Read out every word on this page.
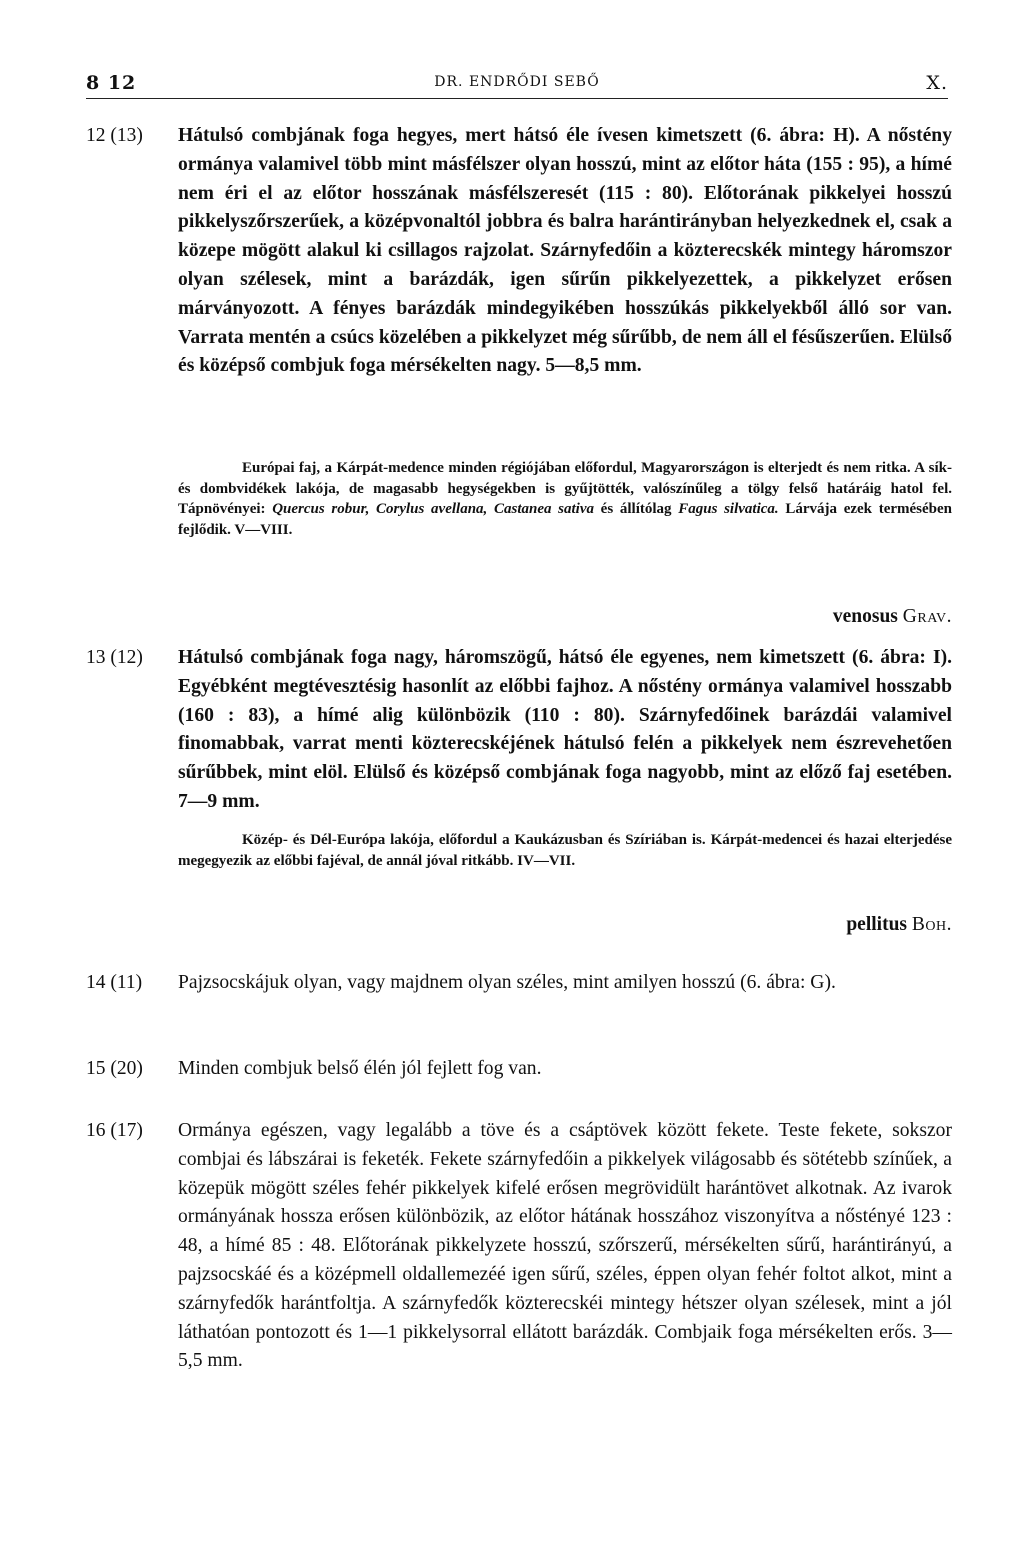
8 12	DR. ENDRŐDI SEBŐ	X.
12 (13)	Hátulsó combjának foga hegyes, mert hátsó éle ívesen kimetszett (6. ábra: H). A nőstény ormánya valamivel több mint másfélszer olyan hosszú, mint az előtor háta (155 : 95), a hímé nem éri el az előtor hosszának másfélszeresét (115 : 80). Előtorának pikkelyei hosszú pikkelyszőrszerűek, a középvonaltól jobbra és balra harántirányban helyezkednek el, csak a közepe mögött alakul ki csillagos rajzolat. Szárnyfedőin a közterecskék mintegy háromszor olyan szélesek, mint a barázdák, igen sűrűn pikkelyezettek, a pikkelyzet erősen márványozott. A fényes barázdák mindegyikében hosszúkás pikkelyekből álló sor van. Varrata mentén a csúcs közelében a pikkelyzet még sűrűbb, de nem áll el fésűszerűen. Elülső és középső combjuk foga mérsékelten nagy. 5—8,5 mm.
Európai faj, a Kárpát-medence minden régiójában előfordul, Magyarországon is elterjedt és nem ritka. A sík- és dombvidékek lakója, de magasabb hegységekben is gyűjtötték, valószínűleg a tölgy felső határáig hatol fel. Tápnövényei: Quercus robur, Corylus avellana, Castanea sativa és állítólag Fagus silvatica. Lárvája ezek termésében fejlődik. V—VIII.
venosus Grav.
13 (12)	Hátulsó combjának foga nagy, háromszögű, hátsó éle egyenes, nem kimetszett (6. ábra: I). Egyébként megtévesztésig hasonlít az előbbi fajhoz. A nőstény ormánya valamivel hosszabb (160 : 83), a hímé alig különbözik (110 : 80). Szárnyfedőinek barázdái valamivel finomabbak, varrat menti közterecskéjének hátulsó felén a pikkelyek nem észrevehetően sűrűbbek, mint elöl. Elülső és középső combjának foga nagyobb, mint az előző faj esetében. 7—9 mm.
Közép- és Dél-Európa lakója, előfordul a Kaukázusban és Szíriában is. Kárpát-medencei és hazai elterjedése megegyezik az előbbi fajéval, de annál jóval ritkább. IV—VII.
pellitus Boh.
14 (11)	Pajzsocskájuk olyan, vagy majdnem olyan széles, mint amilyen hosszú (6. ábra: G).
15 (20)	Minden combjuk belső élén jól fejlett fog van.
16 (17)	Ormánya egészen, vagy legalább a töve és a csáptövek között fekete. Teste fekete, sokszor combjai és lábszárai is feketék. Fekete szárnyfedőin a pikkelyek világosabb és sötétebb színűek, a közepük mögött széles fehér pikkelyek kifelé erősen megrövidült harántövet alkotnak. Az ivarok ormányának hossza erősen különbözik, az előtor hátának hosszához viszonyítva a nőstényé 123 : 48, a hímé 85 : 48. Előtorának pikkelyzete hosszú, szőrszerű, mérsékelten sűrű, harántirányú, a pajzsocskáé és a középmell oldallemezéé igen sűrű, széles, éppen olyan fehér foltot alkot, mint a szárnyfedők harántfoltja. A szárnyfedők közterecskéi mintegy hétszer olyan szélesek, mint a jól láthatóan pontozott és 1—1 pikkelysorral ellátott barázdák. Combjaik foga mérsékelten erős. 3—5,5 mm.
